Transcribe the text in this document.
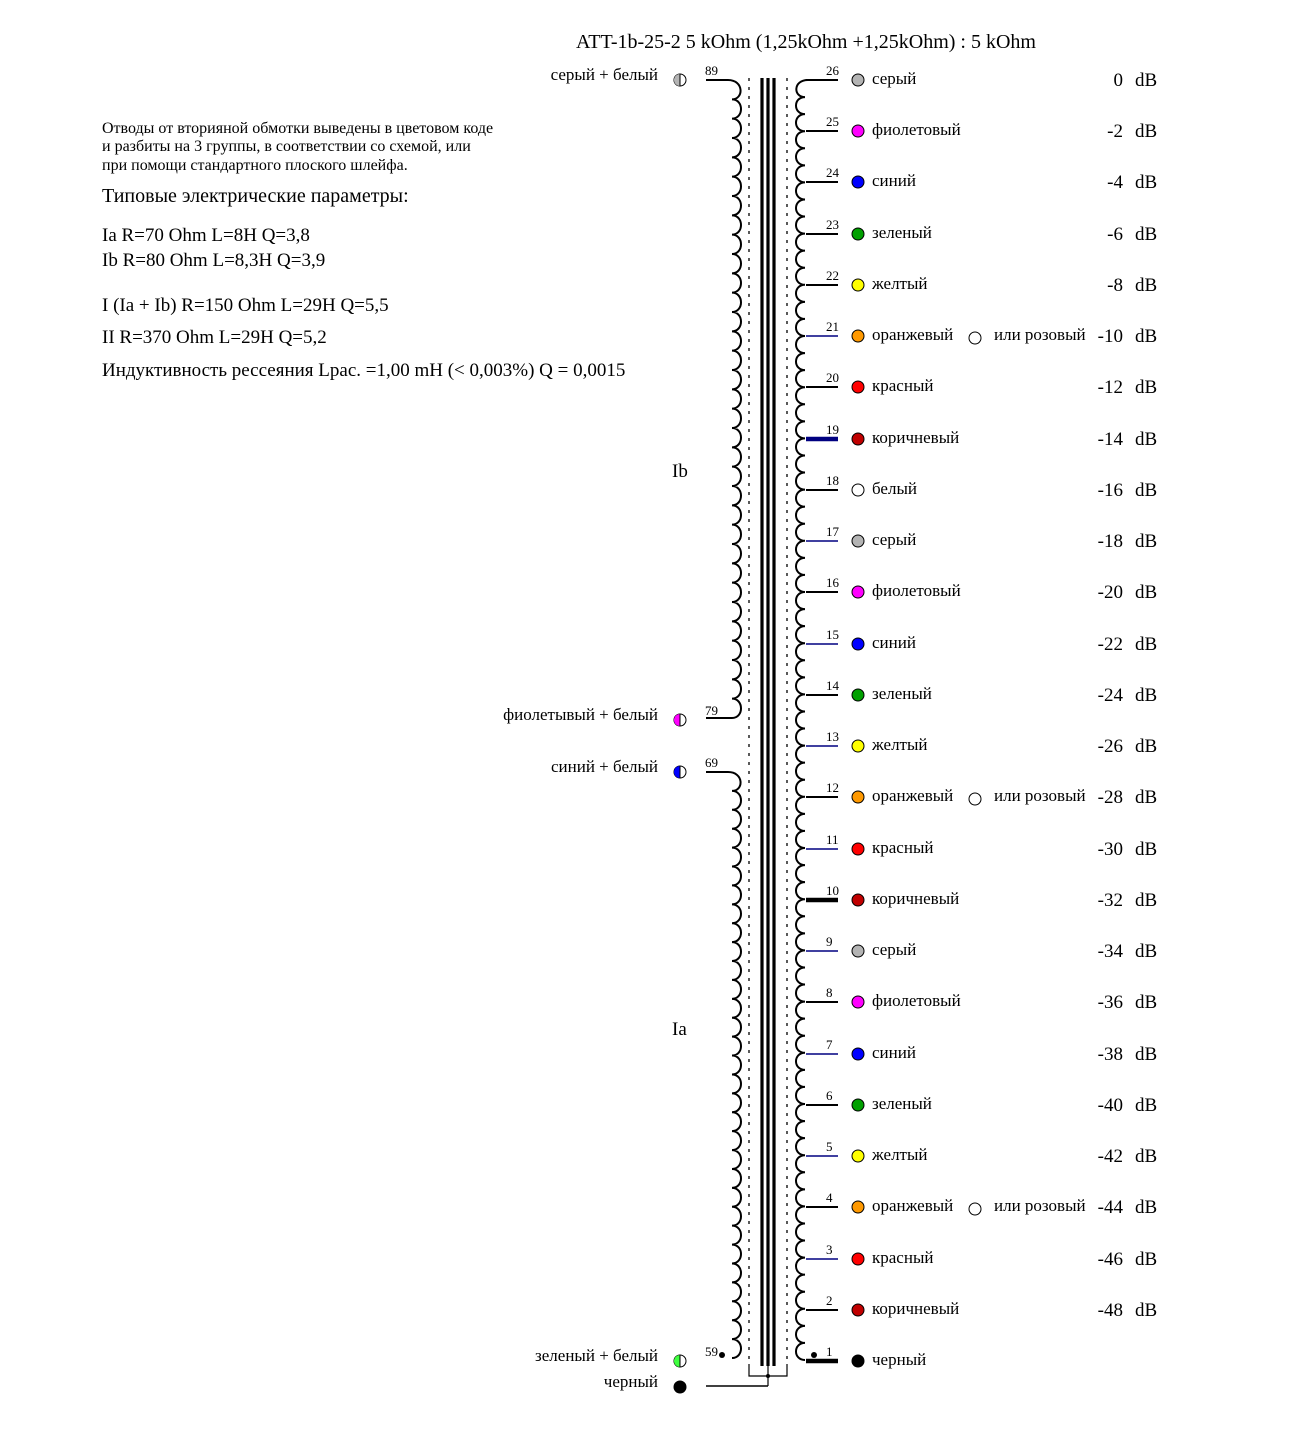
ATT-1b-25-2 5 kOhm (1,25kOhm +1,25kOhm) : 5 kOhm
Отводы от вторияной обмотки выведены в цветовом коде
и разбиты на 3 группы, в соответствии со схемой, или
при помощи стандартного плоского шлейфа.
Типовые электрические параметры:
Ia R=70 Ohm L=8H Q=3,8
Ib R=80 Ohm L=8,3H Q=3,9
I (Ia + Ib) R=150 Ohm L=29H Q=5,5
II R=370 Ohm L=29H Q=5,2
Индуктивность рессеяния Lрас. =1,00 mH (< 0,003%) Q = 0,0015
Ib
Ia
89
серый + белый
79
фиолетывый + белый
69
синий + белый
59
зеленый + белый
черный
26 серый	0 dB
25 фиолетовый	-2 dB
24 синий	-4 dB
23 зеленый	-6 dB
22 желтый	-8 dB
21 оранжевый или розовый -10 dB
20 красный	-12 dB
19 коричневый	-14 dB
18 белый	-16 dB
17 серый	-18 dB
16 фиолетовый	-20 dB
15 синий	-22 dB
14 зеленый	-24 dB
13 желтый	-26 dB
12 оранжевый или розовый -28 dB
11 красный	-30 dB
10 коричневый	-32 dB
9 серый	-34 dB
8 фиолетовый	-36 dB
7 синий	-38 dB
6 зеленый	-40 dB
5 желтый	-42 dB
4 оранжевый или розовый -44 dB
3 красный	-46 dB
2 коричневый	-48 dB
1 черный
